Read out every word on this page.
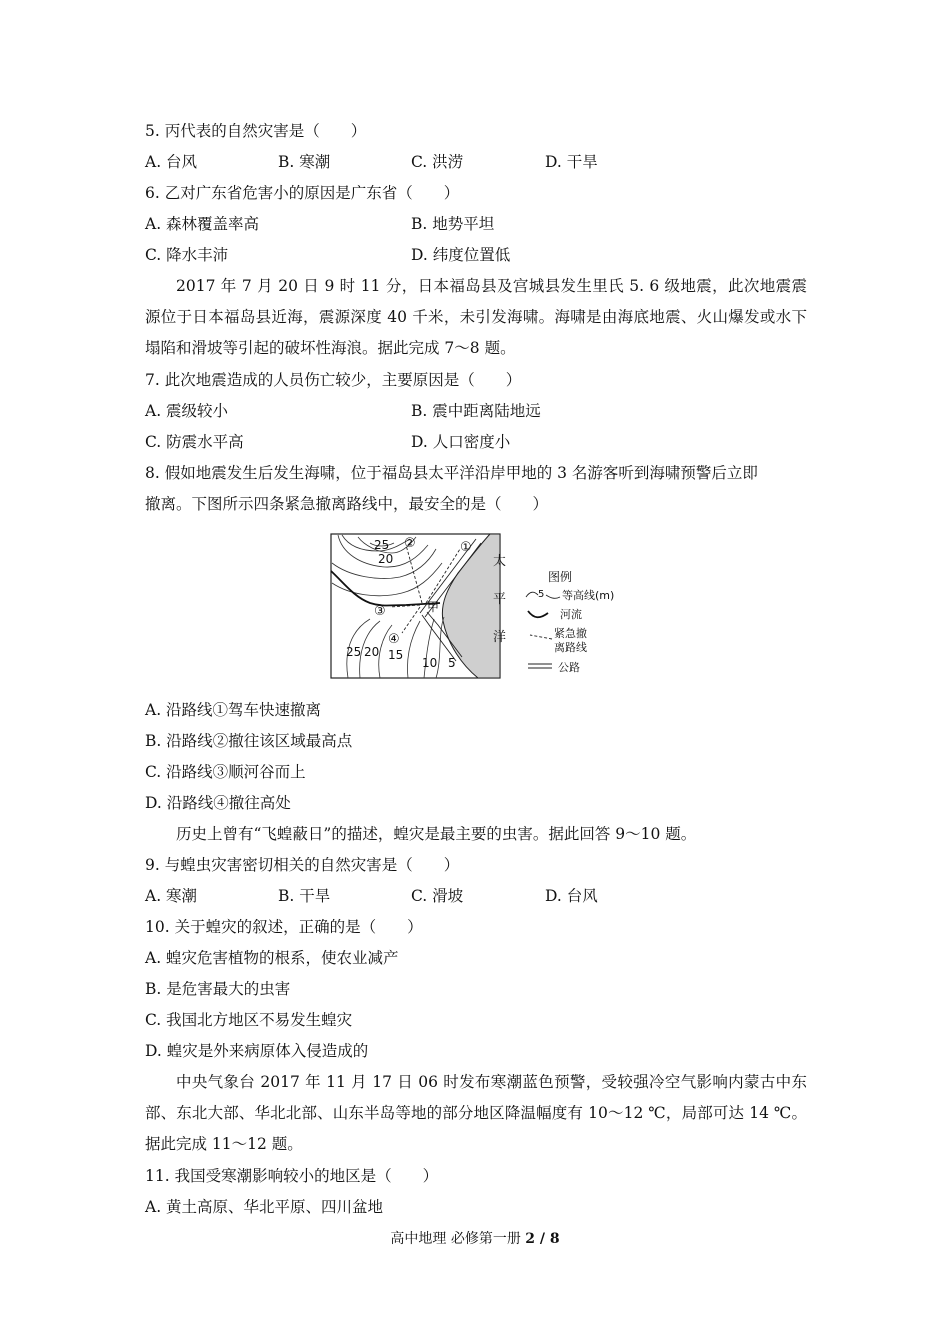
5. 丙代表的自然灾害是（　　）
A. 台风	B. 寒潮	C. 洪涝	D. 干旱
6. 乙对广东省危害小的原因是广东省（　　）
A. 森林覆盖率高	B. 地势平坦
C. 降水丰沛	D. 纬度位置低
2017 年 7 月 20 日 9 时 11 分，日本福岛县及宫城县发生里氏 5. 6 级地震，此次地震震源位于日本福岛县近海，震源深度 40 千米，未引发海啸。海啸是由海底地震、火山爆发或水下塌陷和滑坡等引起的破坏性海浪。据此完成 7～8 题。
7. 此次地震造成的人员伤亡较少，主要原因是（　　）
A. 震级较小	B. 震中距离陆地远
C. 防震水平高	D. 人口密度小
8. 假如地震发生后发生海啸，位于福岛县太平洋沿岸甲地的 3 名游客听到海啸预警后立即
撤离。下图所示四条紧急撤离路线中，最安全的是（　　）
①
②
③
④
25
20
25 20 15
10 5
甲
太
平
洋
图例
5 等高线(m)
河流
紧急撤
离路线
公路
A. 沿路线①驾车快速撤离
B. 沿路线②撤往该区域最高点
C. 沿路线③顺河谷而上
D. 沿路线④撤往高处
历史上曾有“飞蝗蔽日”的描述，蝗灾是最主要的虫害。据此回答 9～10 题。
9. 与蝗虫灾害密切相关的自然灾害是（　　）
A. 寒潮	B. 干旱	C. 滑坡	D. 台风
10. 关于蝗灾的叙述，正确的是（　　）
A. 蝗灾危害植物的根系，使农业减产
B. 是危害最大的虫害
C. 我国北方地区不易发生蝗灾
D. 蝗灾是外来病原体入侵造成的
中央气象台 2017 年 11 月 17 日 06 时发布寒潮蓝色预警，受较强冷空气影响内蒙古中东部、东北大部、华北北部、山东半岛等地的部分地区降温幅度有 10～12 ℃，局部可达 14 ℃。据此完成 11～12 题。
11. 我国受寒潮影响较小的地区是（　　）
A. 黄土高原、华北平原、四川盆地
高中地理 必修第一册 2 / 8
